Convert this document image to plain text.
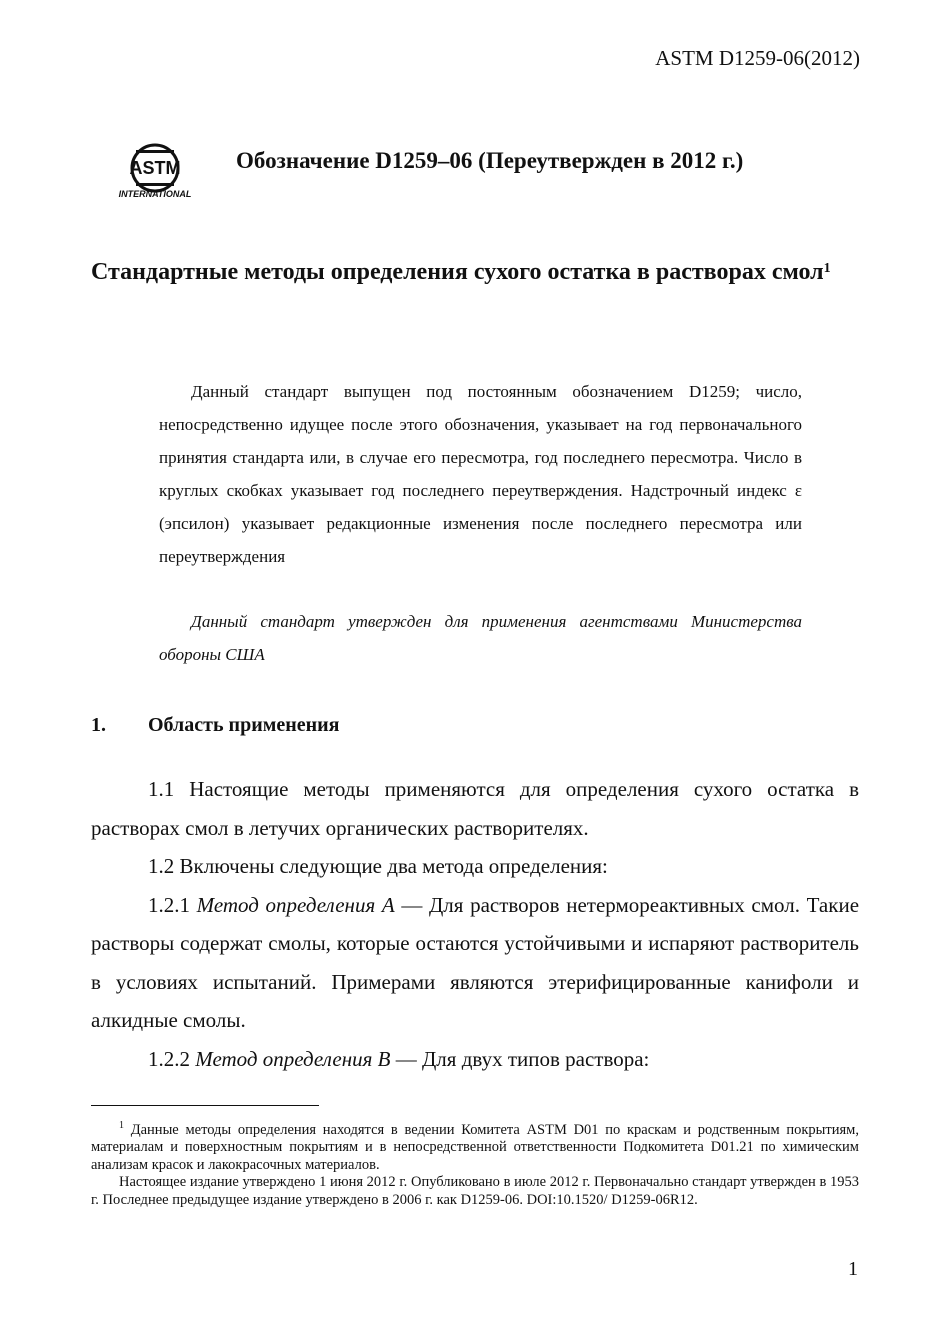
ASTM D1259-06(2012)
ASTM
INTERNATIONAL
Обозначение D1259–06 (Переутвержден в 2012 г.)
Стандартные методы определения сухого остатка в растворах смол$^1$
Данный стандарт выпущен под постоянным обозначением D1259; число, непосредственно идущее после этого обозначения, указывает на год первоначального принятия стандарта или, в случае его пересмотра, год последнего пересмотра. Число в круглых скобках указывает год последнего переутверждения. Надстрочный индекс ε (эпсилон) указывает редакционные изменения после последнего пересмотра или переутверждения
Данный стандарт утвержден для применения агентствами Министерства обороны США
1. Область применения

1.1 Настоящие методы применяются для определения сухого остатка в растворах смол в летучих органических растворителях.

1.2 Включены следующие два метода определения:

1.2.1 Метод определения A — Для растворов нетермореактивных смол. Такие растворы содержат смолы, которые остаются устойчивыми и испаряют растворитель в условиях испытаний. Примерами являются этерифицированные канифоли и алкидные смолы.

1.2.2 Метод определения B — Для двух типов раствора:

$^1$ Данные методы определения находятся в ведении Комитета ASTM D01 по краскам и родственным покрытиям, материалам и поверхностным покрытиям и в непосредственной ответственности Подкомитета D01.21 по химическим анализам красок и лакокрасочных материалов.

Настоящее издание утверждено 1 июня 2012 г. Опубликовано в июле 2012 г. Первоначально стандарт утвержден в 1953 г. Последнее предыдущее издание утверждено в 2006 г. как D1259-06. DOI:10.1520/ D1259-06R12.

1
